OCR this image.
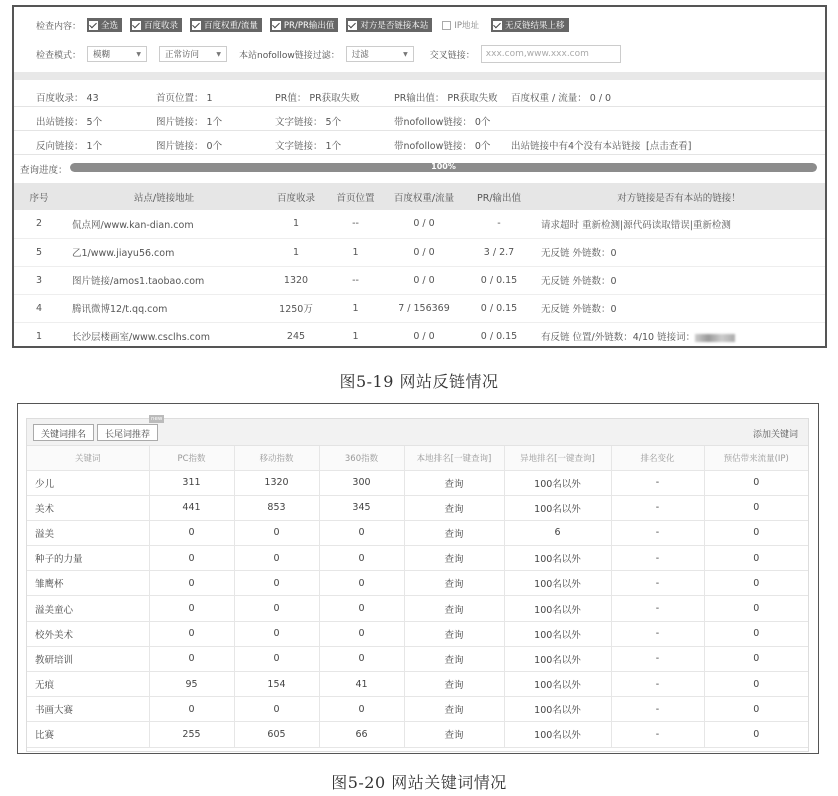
检查内容： 全选	百度收录	百度权重/流量	PR/PR输出值	对方是否链接本站	IP地址	无反链结果上移
检查模式： 模糊	▼	正常访问	▼ 本站nofollow链接过滤： 过滤	▼ 交叉链接：	xxx.com,www.xxx.com
百度收录： 43	首页位置： 1	PR值： PR获取失败	PR输出值： PR获取失败 百度权重 / 流量： 0 / 0
出站链接： 5个	图片链接： 1个	文字链接： 5个	带nofollow链接： 0个
反向链接： 1个	图片链接： 0个	文字链接： 1个	带nofollow链接： 0个 出站链接中有4个没有本站链接 [点击查看]
查询进度：	100%
序号	站点/链接地址	百度收录	首页位置	百度权重/流量	PR/输出值	对方链接是否有本站的链接！
2	侃点网/www.kan-dian.com	1	--	0 / 0	-	请求超时 重新检测|源代码读取错误|重新检测
5	乙1/www.jiayu56.com	1	1	0 / 0	3 / 2.7	无反链 外链数：0
3	图片链接/amos1.taobao.com	1320	--	0 / 0	0 / 0.15	无反链 外链数：0
4	腾讯微博12/t.qq.com	1250万	1	7 / 156369	0 / 0.15	无反链 外链数：0
1	长沙层楼画室/www.csclhs.com	245	1	0 / 0	0 / 0.15	有反链 位置/外链数：4/10 链接词：
图5-19 网站反链情况
关键词排名	长尾词推荐
new
添加关键词
关键词	PC指数	移动指数	360指数	本地排名[一键查询]	异地排名[一键查询]	排名变化	预估带来流量(IP)
少儿	311	1320	300	查询	100名以外	-	0
美术	441	853	345	查询	100名以外	-	0
溢美	0	0	0	查询	6	-	0
种子的力量	0	0	0	查询	100名以外	-	0
雏鹰杯	0	0	0	查询	100名以外	-	0
溢美童心	0	0	0	查询	100名以外	-	0
校外美术	0	0	0	查询	100名以外	-	0
教研培训	0	0	0	查询	100名以外	-	0
无痕	95	154	41	查询	100名以外	-	0
书画大赛	0	0	0	查询	100名以外	-	0
比赛	255	605	66	查询	100名以外	-	0
图5-20 网站关键词情况
